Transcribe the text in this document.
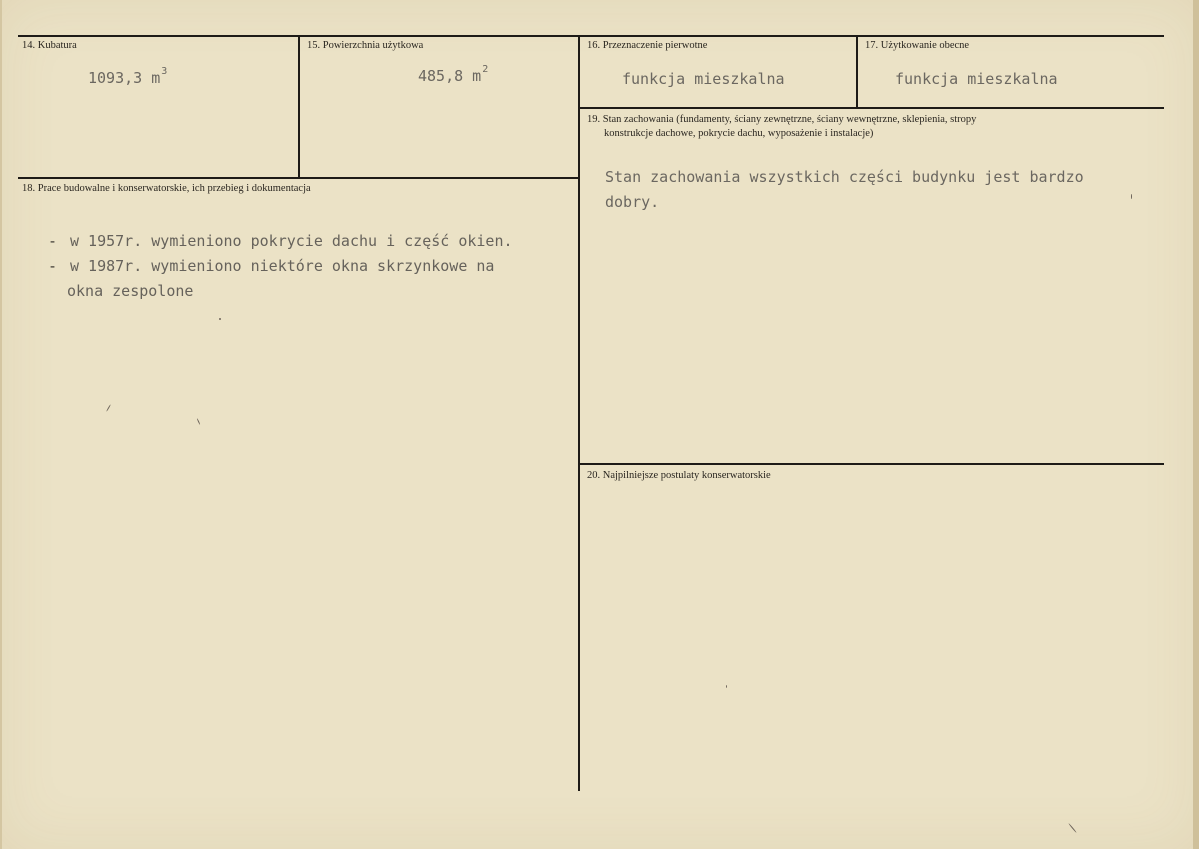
14. Kubatura
1093,3 $m^3$
15. Powierzchnia użytkowa
485,8 $m^2$
16. Przeznaczenie pierwotne
funkcja mieszkalna
17. Użytkowanie obecne
funkcja mieszkalna
18. Prace budowalne i konserwatorskie, ich przebieg i dokumentacja
- w 1957r. wymieniono pokrycie dachu i część okien.
- w 1987r. wymieniono niektóre okna skrzynkowe na
okna zespolone
19. Stan zachowania (fundamenty, ściany zewnętrzne, ściany wewnętrzne, sklepienia, stropy
konstrukcje dachowe, pokrycie dachu, wyposażenie i instalacje)
Stan zachowania wszystkich części budynku jest bardzo dobry.
20. Najpilniejsze postulaty konserwatorskie
